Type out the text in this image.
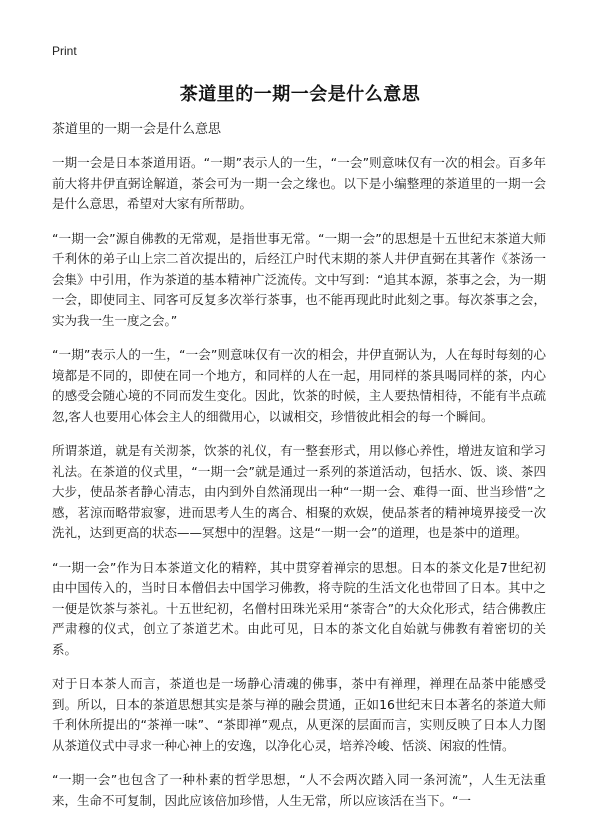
Print
茶道里的一期一会是什么意思
茶道里的一期一会是什么意思

一期一会是日本茶道用语。“一期”表示人的一生，“一会”则意味仅有一次的相会。百多年前大将井伊直弼诠解道，茶会可为一期一会之缘也。以下是小编整理的茶道里的一期一会是什么意思，希望对大家有所帮助。

“一期一会”源自佛教的无常观，是指世事无常。“一期一会”的思想是十五世纪末茶道大师千利休的弟子山上宗二首次提出的，后经江户时代末期的茶人井伊直弼在其著作《茶汤一会集》中引用，作为茶道的基本精神广泛流传。文中写到：“追其本源，茶事之会，为一期一会，即使同主、同客可反复多次举行茶事，也不能再现此时此刻之事。每次茶事之会，实为我一生一度之会。”

“一期”表示人的一生，“一会”则意味仅有一次的相会，井伊直弼认为，人在每时每刻的心境都是不同的，即使在同一个地方，和同样的人在一起，用同样的茶具喝同样的茶，内心的感受会随心境的不同而发生变化。因此，饮茶的时候，主人要热情相待，不能有半点疏忽,客人也要用心体会主人的细微用心，以诚相交，珍惜彼此相会的每一个瞬间。

所谓茶道，就是有关沏茶，饮茶的礼仪，有一整套形式，用以修心养性，增进友谊和学习礼法。在茶道的仪式里，“一期一会”就是通过一系列的茶道活动，包括水、饭、谈、茶四大步，使品茶者静心清志，由内到外自然涌现出一种“一期一会、难得一面、世当珍惜”之感，茗涼而略带寂寥，进而思考人生的离合、相聚的欢娱，使品茶者的精神境界接受一次洗礼，达到更高的状态——冥想中的涅磐。这是“一期一会”的道理，也是茶中的道理。

“一期一会”作为日本茶道文化的精粹，其中贯穿着禅宗的思想。日本的茶文化是7世纪初由中国传入的，当时日本僧侣去中国学习佛教，将寺院的生活文化也带回了日本。其中之一便是饮茶与茶礼。十五世纪初，名僧村田珠光采用“茶寄合”的大众化形式，结合佛教庄严肃穆的仪式，创立了茶道艺术。由此可见，日本的茶文化自始就与佛教有着密切的关系。

对于日本茶人而言，茶道也是一场静心清魂的佛事，茶中有禅理，禅理在品茶中能感受到。所以，日本的茶道思想其实是茶与禅的融会贯通，正如16世纪末日本著名的茶道大师千利休所提出的“茶禅一味”、“茶即禅”观点，从更深的层面而言，实则反映了日本人力图从茶道仪式中寻求一种心神上的安逸，以净化心灵，培养冷峻、恬淡、闲寂的性情。

“一期一会”也包含了一种朴素的哲学思想，“人不会两次踏入同一条河流”，人生无法重来，生命不可复制，因此应该倍加珍惜，人生无常，所以应该活在当下。“一
